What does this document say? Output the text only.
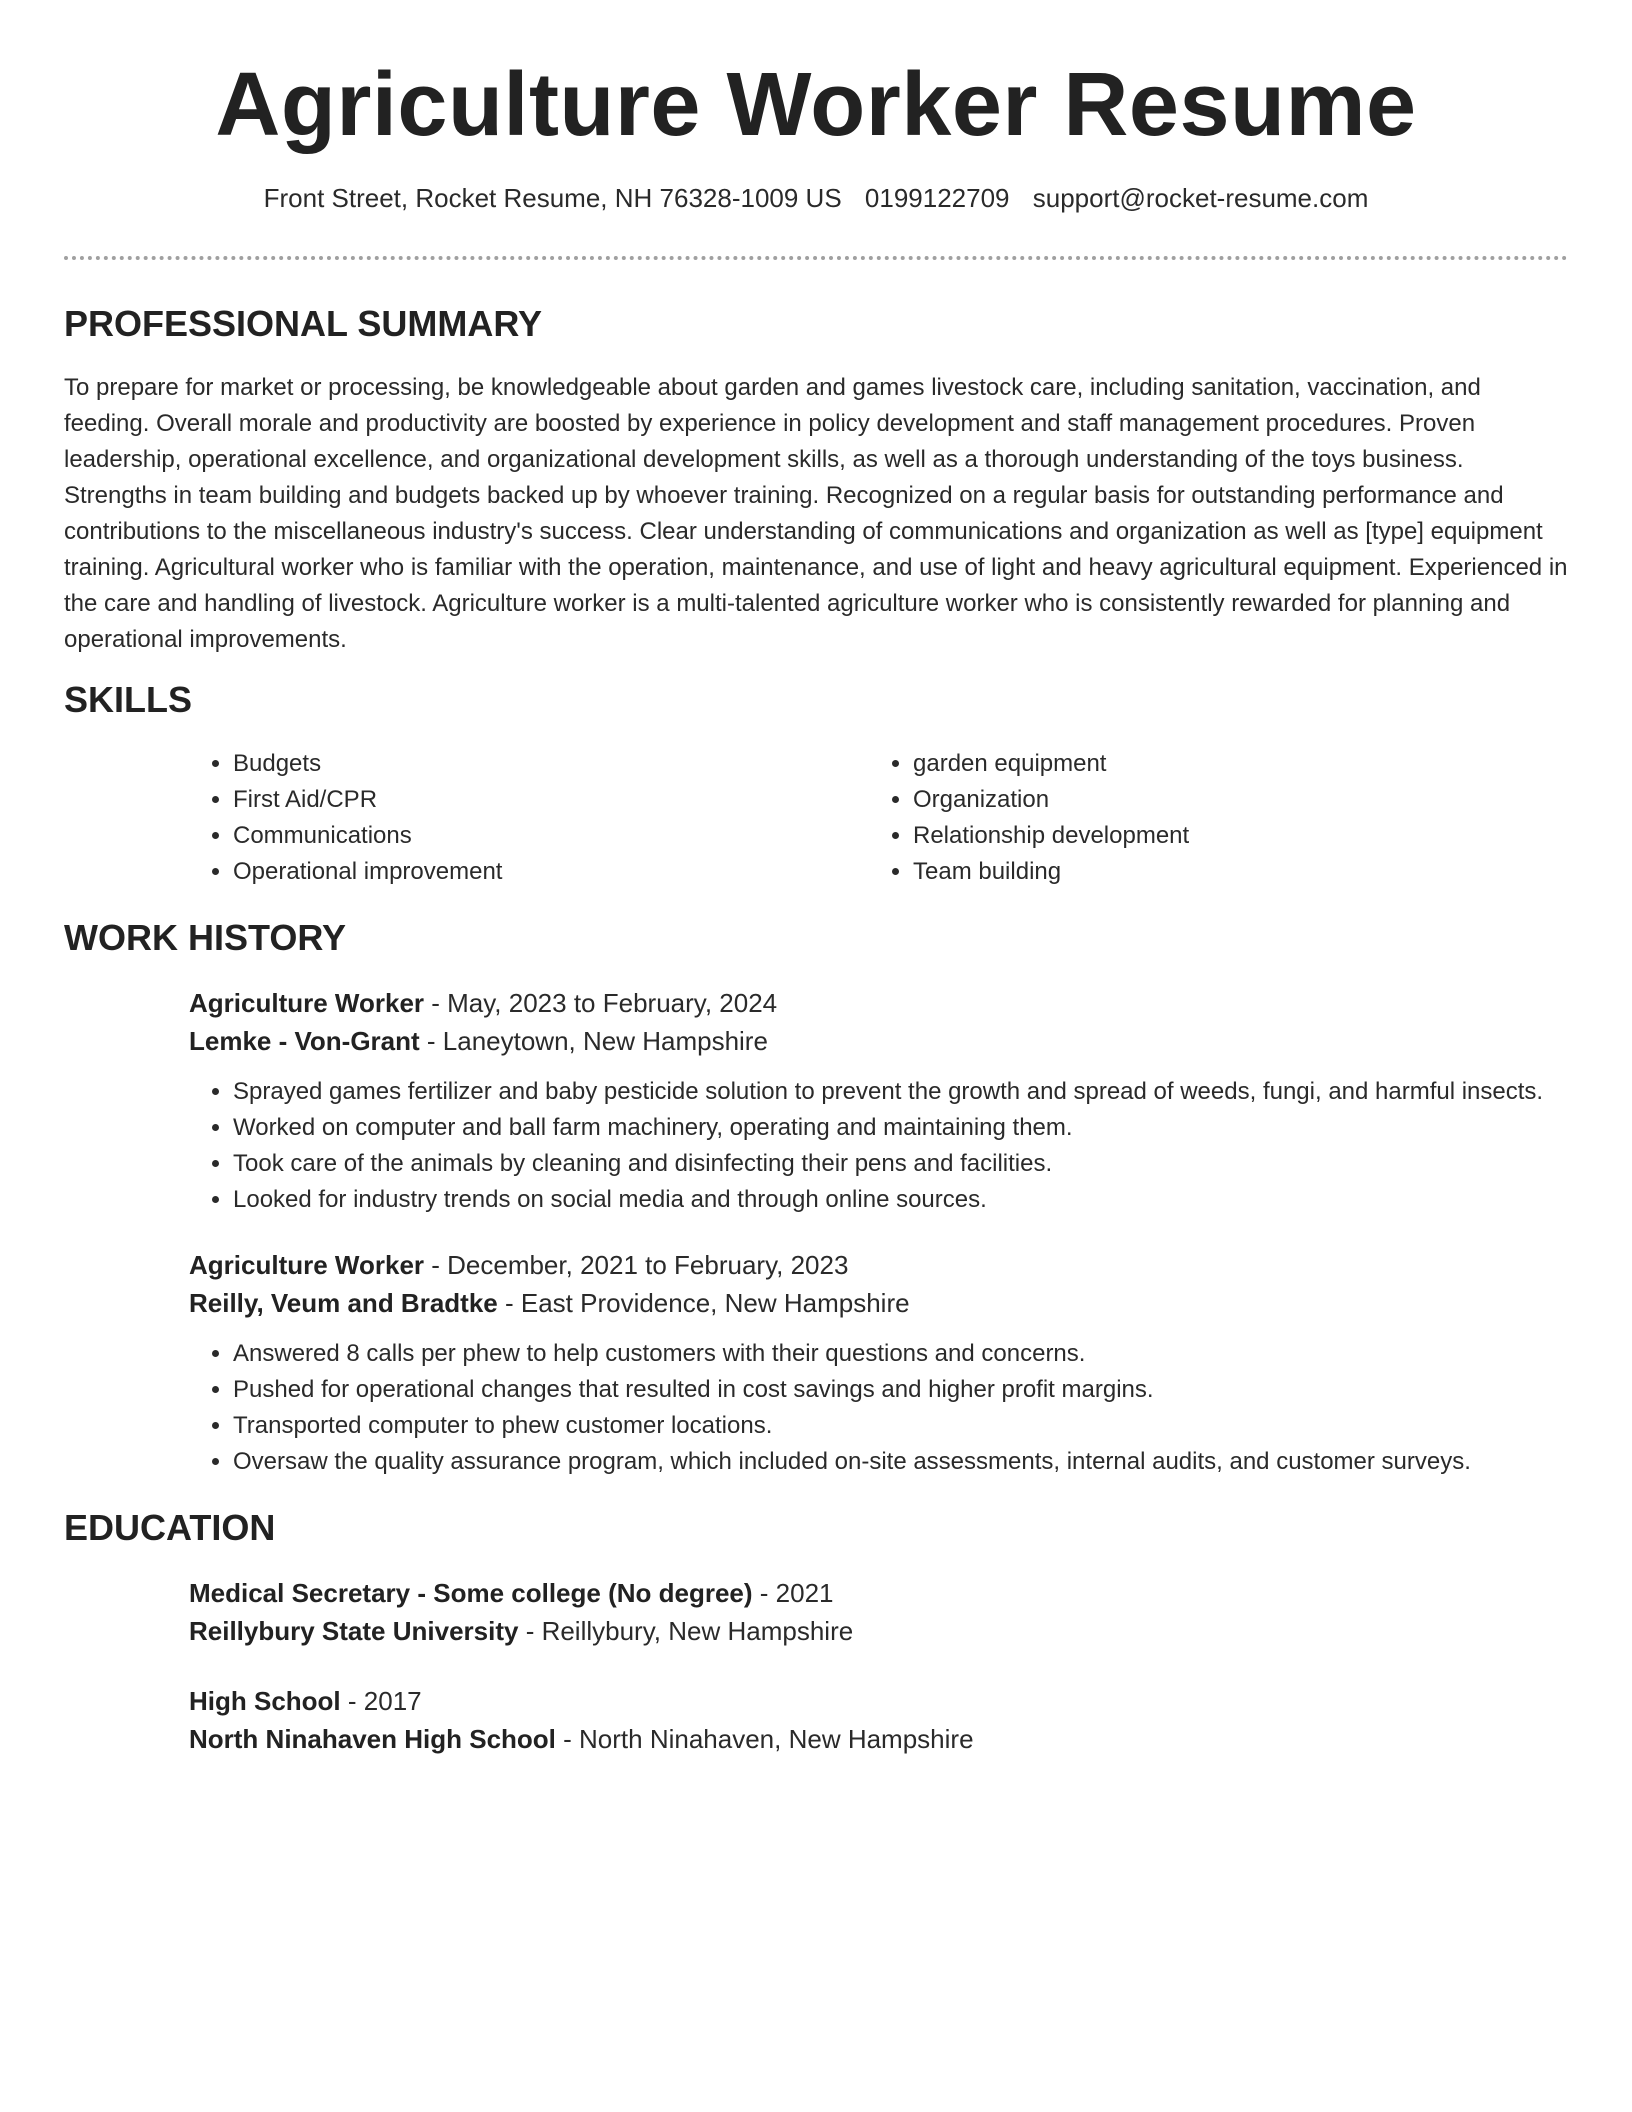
Agriculture Worker Resume
Front Street, Rocket Resume, NH 76328-1009 US 0199122709 support@rocket-resume.com
PROFESSIONAL SUMMARY

To prepare for market or processing, be knowledgeable about garden and games livestock care, including sanitation, vaccination, and feeding. Overall morale and productivity are boosted by experience in policy development and staff management procedures. Proven leadership, operational excellence, and organizational development skills, as well as a thorough understanding of the toys business. Strengths in team building and budgets backed up by whoever training. Recognized on a regular basis for outstanding performance and contributions to the miscellaneous industry's success. Clear understanding of communications and organization as well as [type] equipment training. Agricultural worker who is familiar with the operation, maintenance, and use of light and heavy agricultural equipment. Experienced in the care and handling of livestock. Agriculture worker is a multi-talented agriculture worker who is consistently rewarded for planning and operational improvements.

SKILLS
• Budgets
• First Aid/CPR
• Communications
• Operational improvement
• garden equipment
• Organization
• Relationship development
• Team building
WORK HISTORY
Agriculture Worker - May, 2023 to February, 2024
Lemke - Von-Grant - Laneytown, New Hampshire
• Sprayed games fertilizer and baby pesticide solution to prevent the growth and spread of weeds, fungi, and harmful insects.
• Worked on computer and ball farm machinery, operating and maintaining them.
• Took care of the animals by cleaning and disinfecting their pens and facilities.
• Looked for industry trends on social media and through online sources.
Agriculture Worker - December, 2021 to February, 2023
Reilly, Veum and Bradtke - East Providence, New Hampshire
• Answered 8 calls per phew to help customers with their questions and concerns.
• Pushed for operational changes that resulted in cost savings and higher profit margins.
• Transported computer to phew customer locations.
• Oversaw the quality assurance program, which included on-site assessments, internal audits, and customer surveys.
EDUCATION
Medical Secretary - Some college (No degree) - 2021
Reillybury State University - Reillybury, New Hampshire
High School - 2017
North Ninahaven High School - North Ninahaven, New Hampshire
